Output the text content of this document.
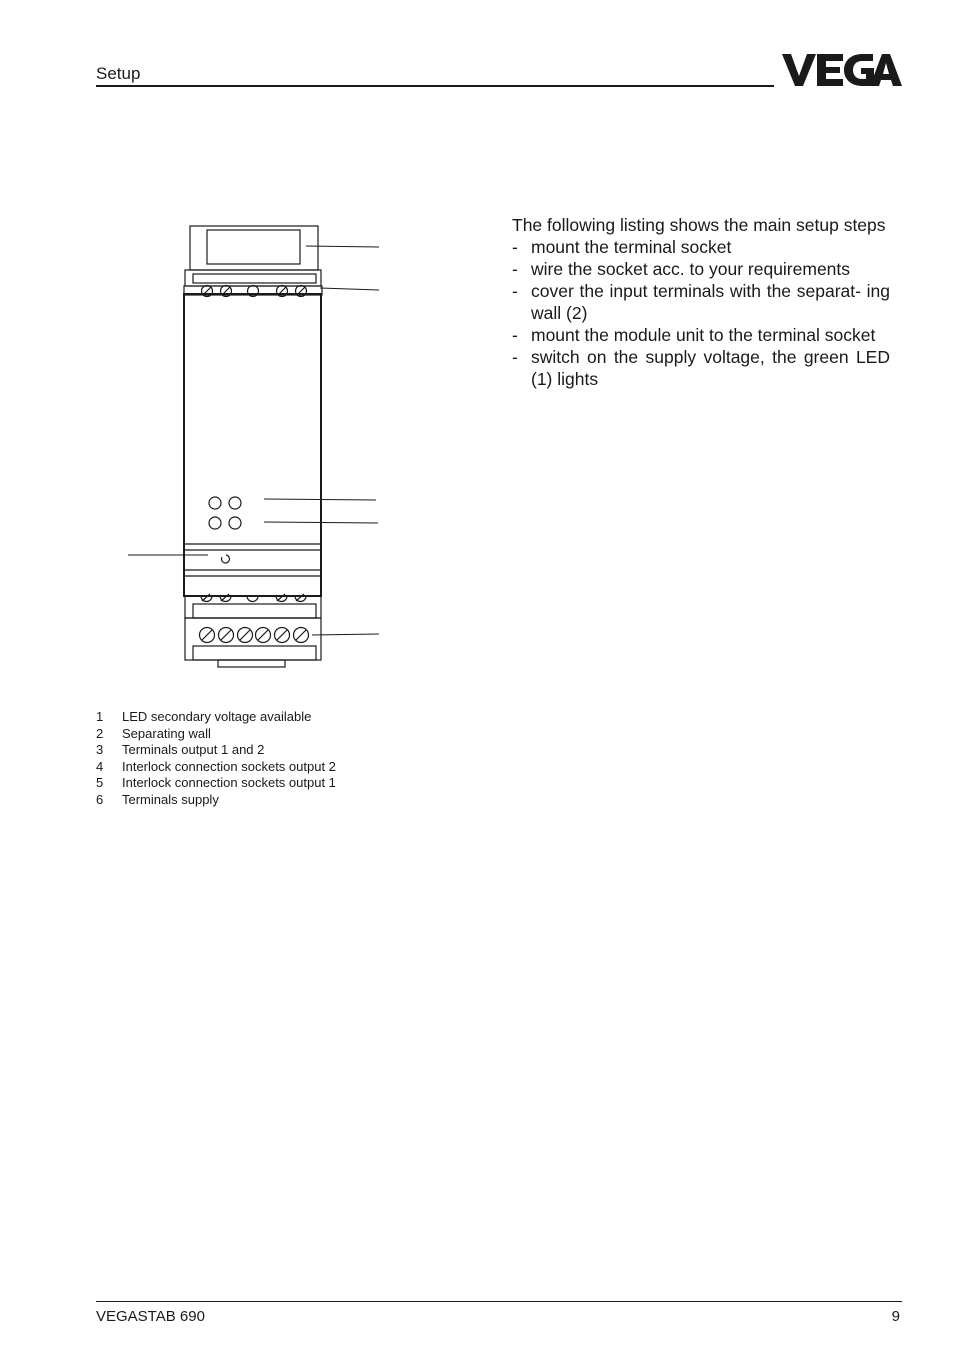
Setup
1	LED secondary voltage available
2	Separating wall
3	Terminals output 1 and 2
4	Interlock connection sockets output 2
5	Interlock connection sockets output 1
6	Terminals supply
The following listing shows the main setup steps
- mount the terminal socket
- wire the socket acc. to your requirements
- cover the input terminals with the separat- ing wall (2)
- mount the module unit to the terminal socket
- switch on the supply voltage, the green LED (1) lights
VEGASTAB 690	9
